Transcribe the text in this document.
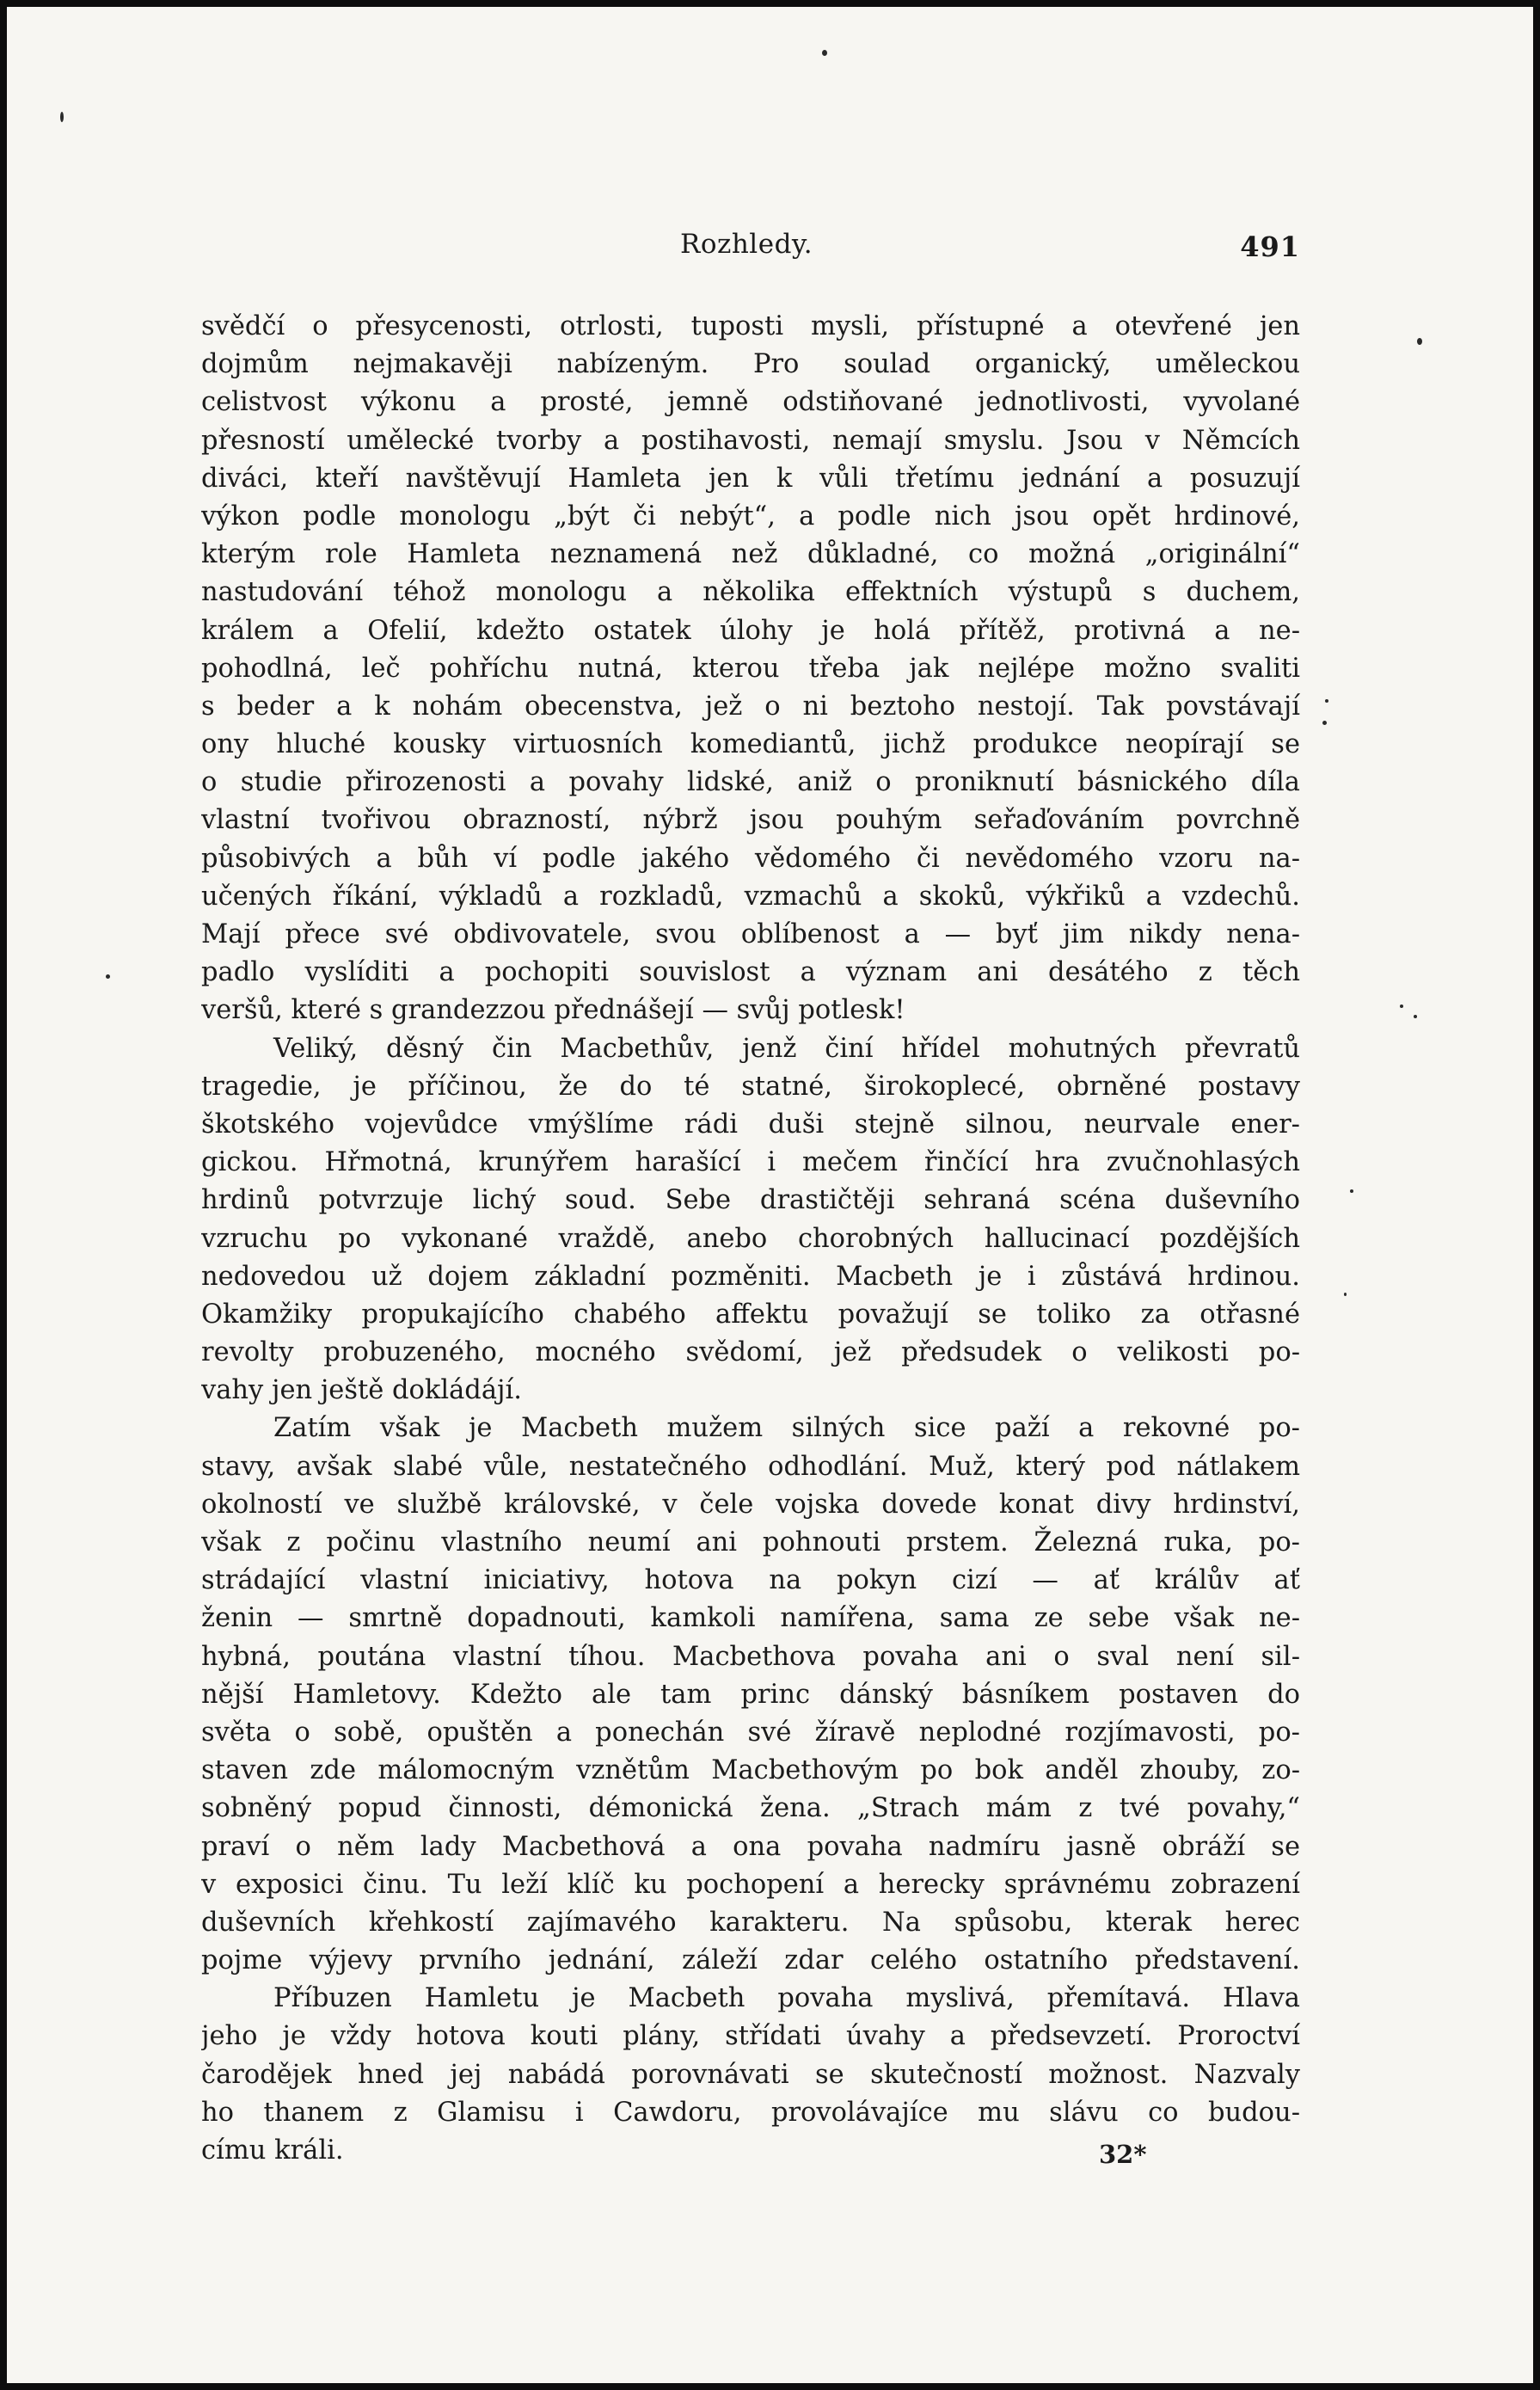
Rozhledy.	491

svědčí o přesycenosti, otrlosti, tuposti mysli, přístupné a otevřené jen

dojmům nejmakavěji nabízeným. Pro soulad organický, uměleckou

celistvost výkonu a prosté, jemně odstiňované jednotlivosti, vyvolané

přesností umělecké tvorby a postihavosti, nemají smyslu. Jsou v Němcích

diváci, kteří navštěvují Hamleta jen k vůli třetímu jednání a posuzují

výkon podle monologu „být či nebýt“, a podle nich jsou opět hrdinové,

kterým role Hamleta neznamená než důkladné, co možná „originální“

nastudování téhož monologu a několika effektních výstupů s duchem,

králem a Ofelií, kdežto ostatek úlohy je holá přítěž, protivná a ne-

pohodlná, leč pohříchu nutná, kterou třeba jak nejlépe možno svaliti

s beder a k nohám obecenstva, jež o ni beztoho nestojí. Tak povstávají

ony hluché kousky virtuosních komediantů, jichž produkce neopírají se

o studie přirozenosti a povahy lidské, aniž o proniknutí básnického díla

vlastní tvořivou obrazností, nýbrž jsou pouhým seřaďováním povrchně

působivých a bůh ví podle jakého vědomého či nevědomého vzoru na-

učených říkání, výkladů a rozkladů, vzmachů a skoků, výkřiků a vzdechů.

Mají přece své obdivovatele, svou oblíbenost a — byť jim nikdy nena-

padlo vyslíditi a pochopiti souvislost a význam ani desátého z těch

veršů, které s grandezzou přednášejí — svůj potlesk!

Veliký, děsný čin Macbethův, jenž činí hřídel mohutných převratů

tragedie, je příčinou, že do té statné, širokoplecé, obrněné postavy

škotského vojevůdce vmýšlíme rádi duši stejně silnou, neurvale ener-

gickou. Hřmotná, krunýřem harašící i mečem řinčící hra zvučnohlasých

hrdinů potvrzuje lichý soud. Sebe drastičtěji sehraná scéna duševního

vzruchu po vykonané vraždě, anebo chorobných hallucinací pozdějších

nedovedou už dojem základní pozměniti. Macbeth je i zůstává hrdinou.

Okamžiky propukajícího chabého affektu považují se toliko za otřasné

revolty probuzeného, mocného svědomí, jež předsudek o velikosti po-

vahy jen ještě dokládájí.

Zatím však je Macbeth mužem silných sice paží a rekovné po-

stavy, avšak slabé vůle, nestatečného odhodlání. Muž, který pod nátlakem

okolností ve službě královské, v čele vojska dovede konat divy hrdinství,

však z počinu vlastního neumí ani pohnouti prstem. Železná ruka, po-

strádající vlastní iniciativy, hotova na pokyn cizí — ať králův ať

ženin — smrtně dopadnouti, kamkoli namířena, sama ze sebe však ne-

hybná, poutána vlastní tíhou. Macbethova povaha ani o sval není sil-

nější Hamletovy. Kdežto ale tam princ dánský básníkem postaven do

světa o sobě, opuštěn a ponechán své žíravě neplodné rozjímavosti, po-

staven zde málomocným vznětům Macbethovým po bok anděl zhouby, zo-

sobněný popud činnosti, démonická žena. „Strach mám z tvé povahy,“

praví o něm lady Macbethová a ona povaha nadmíru jasně obráží se

v exposici činu. Tu leží klíč ku pochopení a herecky správnému zobrazení

duševních křehkostí zajímavého karakteru. Na spůsobu, kterak herec

pojme výjevy prvního jednání, záleží zdar celého ostatního představení.

Příbuzen Hamletu je Macbeth povaha myslivá, přemítavá. Hlava

jeho je vždy hotova kouti plány, střídati úvahy a předsevzetí. Proroctví

čarodějek hned jej nabádá porovnávati se skutečností možnost. Nazvaly

ho thanem z Glamisu i Cawdoru, provolávajíce mu slávu co budou-

címu králi.	32*
